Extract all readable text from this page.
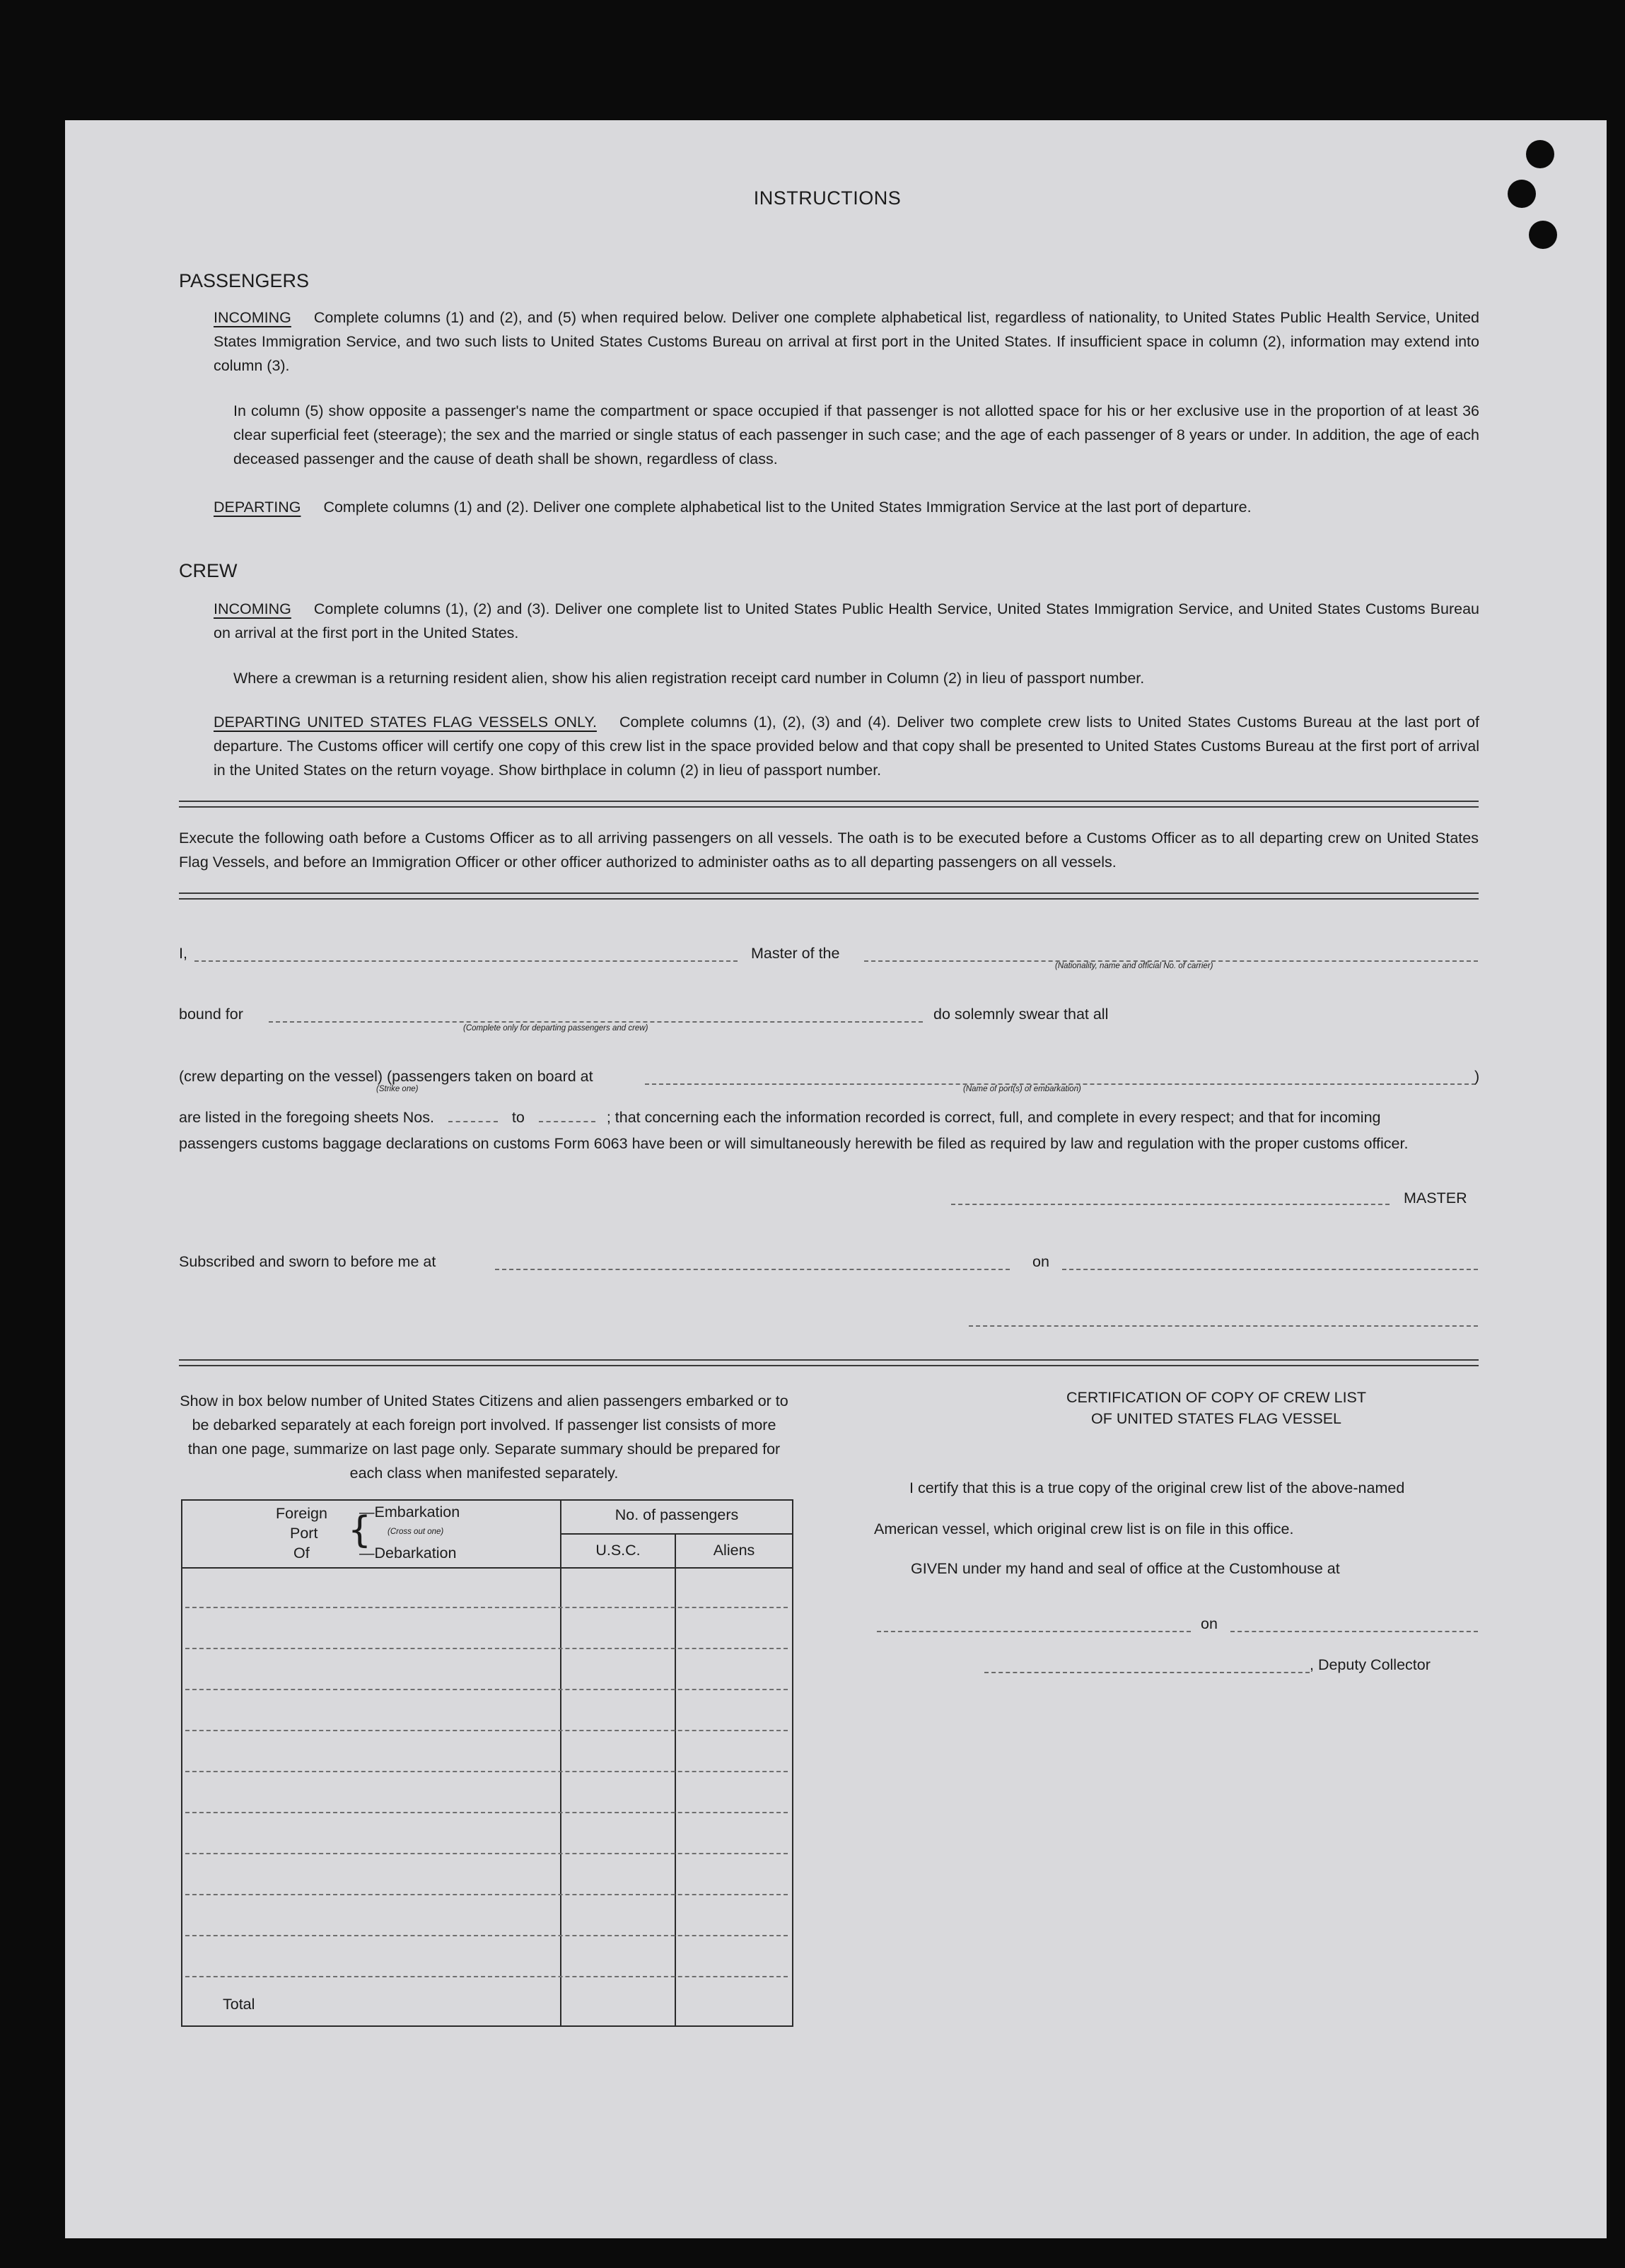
INSTRUCTIONS
PASSENGERS
INCOMING Complete columns (1) and (2), and (5) when required below. Deliver one complete alphabetical list, regardless of nationality, to United States Public Health Service, United States Immigration Service, and two such lists to United States Customs Bureau on arrival at first port in the United States. If insufficient space in column (2), information may extend into column (3).
In column (5) show opposite a passenger's name the compartment or space occupied if that passenger is not allotted space for his or her exclusive use in the proportion of at least 36 clear superficial feet (steerage); the sex and the married or single status of each passenger in such case; and the age of each passenger of 8 years or under. In addition, the age of each deceased passenger and the cause of death shall be shown, regardless of class.
DEPARTING Complete columns (1) and (2). Deliver one complete alphabetical list to the United States Immigration Service at the last port of departure.
CREW
INCOMING Complete columns (1), (2) and (3). Deliver one complete list to United States Public Health Service, United States Immigration Service, and United States Customs Bureau on arrival at the first port in the United States.
Where a crewman is a returning resident alien, show his alien registration receipt card number in Column (2) in lieu of passport number.
DEPARTING UNITED STATES FLAG VESSELS ONLY. Complete columns (1), (2), (3) and (4). Deliver two complete crew lists to United States Customs Bureau at the last port of departure. The Customs officer will certify one copy of this crew list in the space provided below and that copy shall be presented to United States Customs Bureau at the first port of arrival in the United States on the return voyage. Show birthplace in column (2) in lieu of passport number.
Execute the following oath before a Customs Officer as to all arriving passengers on all vessels. The oath is to be executed before a Customs Officer as to all departing crew on United States Flag Vessels, and before an Immigration Officer or other officer authorized to administer oaths as to all departing passengers on all vessels.
I,	Master of the
(Nationality, name and official No. of carrier)
bound for
(Complete only for departing passengers and crew)
do solemnly swear that all
(crew departing on the vessel) (passengers taken on board at	)
(Strike one)	(Name of port(s) of embarkation)
are listed in the foregoing sheets Nos.	to	; that concerning each the information recorded is correct, full, and complete in every respect; and that for incoming
passengers customs baggage declarations on customs Form 6063 have been or will simultaneously herewith be filed as required by law and regulation with the proper customs officer.
MASTER
Subscribed and sworn to before me at	on
Show in box below number of United States Citizens and alien passengers embarked or to be debarked separately at each foreign port involved. If passenger list consists of more than one page, summarize on last page only. Separate summary should be prepared for each class when manifested separately.
Foreign
Port
Of
{
—Embarkation
(Cross out one)
—Debarkation
No. of passengers
U.S.C.	Aliens
Total
CERTIFICATION OF COPY OF CREW LIST
OF UNITED STATES FLAG VESSEL
I certify that this is a true copy of the original crew list of the above-named
American vessel, which original crew list is on file in this office.
GIVEN under my hand and seal of office at the Customhouse at
on
, Deputy Collector
